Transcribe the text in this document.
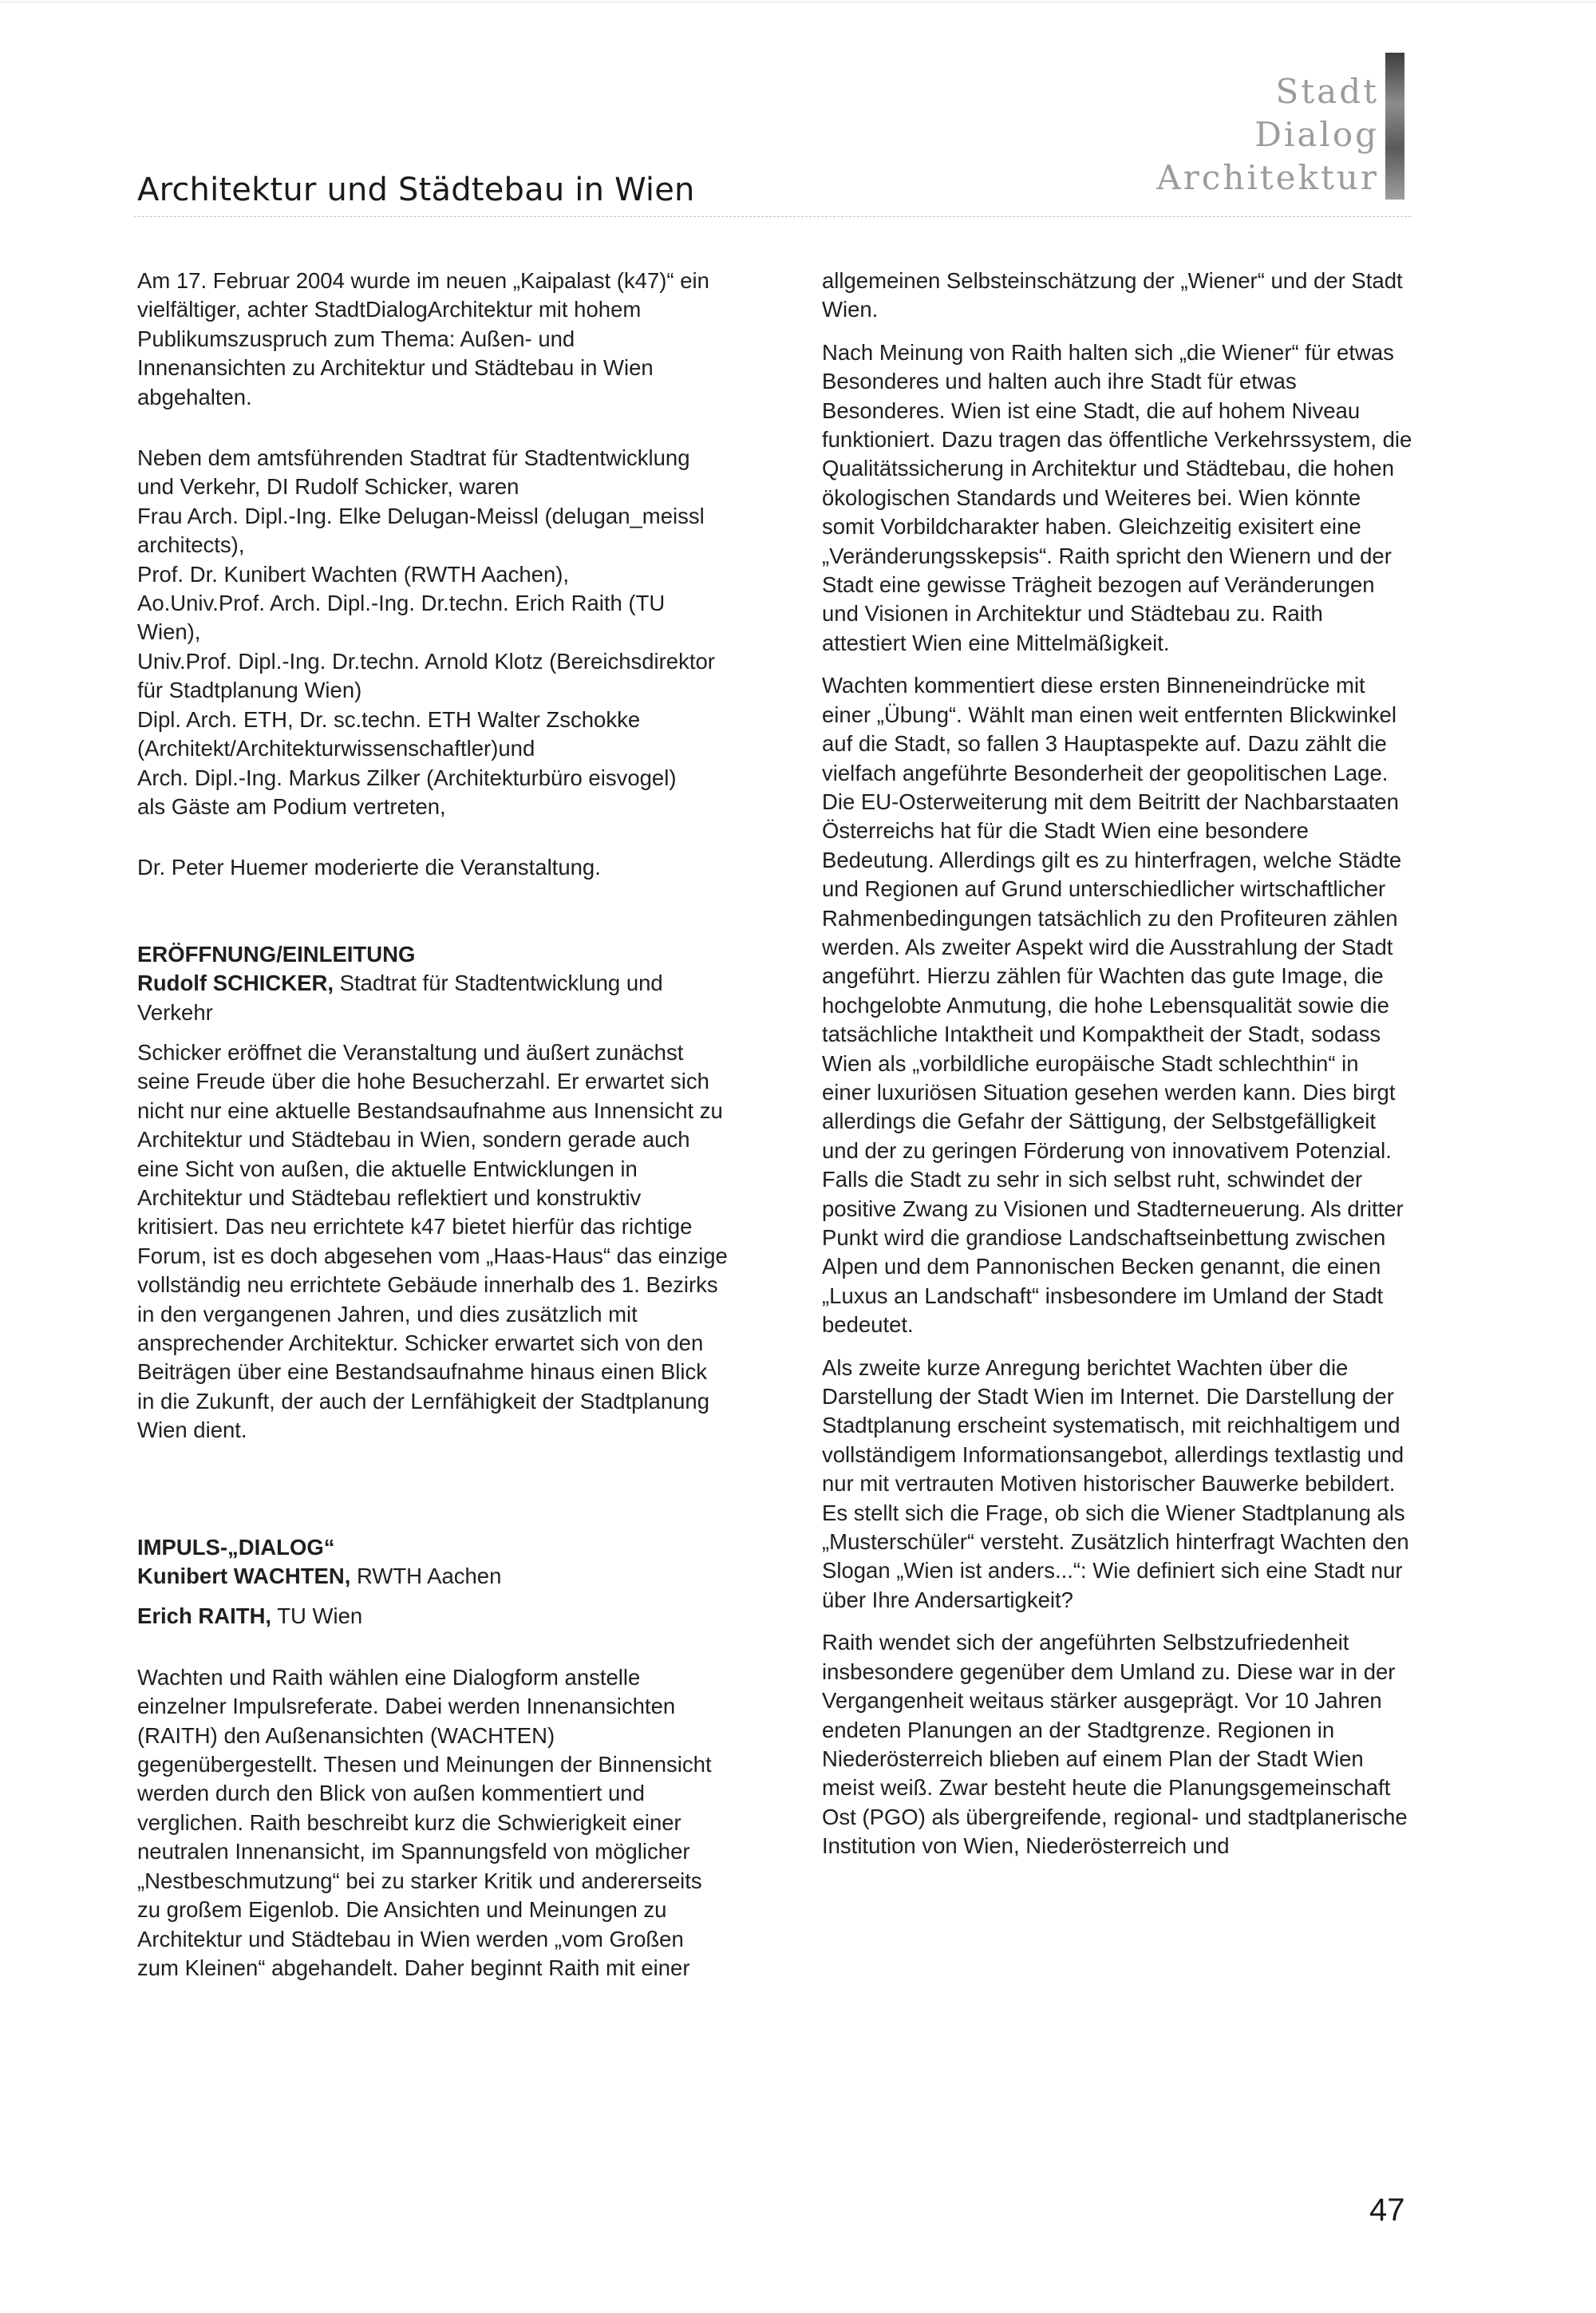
Architektur und Städtebau in Wien
Stadt
Dialog
Architektur

Am 17. Februar 2004 wurde im neuen „Kaipalast (k47)“ ein vielfältiger, achter StadtDialogArchitektur mit hohem Publikumszuspruch zum Thema: Außen- und Innenansichten zu Architektur und Städtebau in Wien abgehalten.

Neben dem amtsführenden Stadtrat für Stadtentwicklung und Verkehr, DI Rudolf Schicker, waren
Frau Arch. Dipl.-Ing. Elke Delugan-Meissl (delugan_meissl architects),
Prof. Dr. Kunibert Wachten (RWTH Aachen),
Ao.Univ.Prof. Arch. Dipl.-Ing. Dr.techn. Erich Raith (TU Wien),
Univ.Prof. Dipl.-Ing. Dr.techn. Arnold Klotz (Bereichsdirektor für Stadtplanung Wien)
Dipl. Arch. ETH, Dr. sc.techn. ETH Walter Zschokke (Architekt/Architekturwissenschaftler)und
Arch. Dipl.-Ing. Markus Zilker (Architekturbüro eisvogel)
als Gäste am Podium vertreten,

Dr. Peter Huemer moderierte die Veranstaltung.

ERÖFFNUNG/EINLEITUNG

Rudolf SCHICKER, Stadtrat für Stadtentwicklung und Verkehr

Schicker eröffnet die Veranstaltung und äußert zunächst seine Freude über die hohe Besucherzahl. Er erwartet sich nicht nur eine aktuelle Bestandsaufnahme aus Innensicht zu Architektur und Städtebau in Wien, sondern gerade auch eine Sicht von außen, die aktuelle Entwicklungen in Architektur und Städtebau reflektiert und konstruktiv kritisiert. Das neu errichtete k47 bietet hierfür das richtige Forum, ist es doch abgesehen vom „Haas-Haus“ das einzige vollständig neu errichtete Gebäude innerhalb des 1. Bezirks in den vergangenen Jahren, und dies zusätzlich mit ansprechender Architektur. Schicker erwartet sich von den Beiträgen über eine Bestandsaufnahme hinaus einen Blick in die Zukunft, der auch der Lernfähigkeit der Stadtplanung Wien dient.

IMPULS-„DIALOG“

Kunibert WACHTEN, RWTH Aachen

Erich RAITH, TU Wien

Wachten und Raith wählen eine Dialogform anstelle einzelner Impulsreferate. Dabei werden Innenansichten (RAITH) den Außenansichten (WACHTEN) gegenübergestellt. Thesen und Meinungen der Binnensicht werden durch den Blick von außen kommentiert und verglichen. Raith beschreibt kurz die Schwierigkeit einer neutralen Innenansicht, im Spannungsfeld von möglicher „Nestbeschmutzung“ bei zu starker Kritik und andererseits zu großem Eigenlob. Die Ansichten und Meinungen zu Architektur und Städtebau in Wien werden „vom Großen zum Kleinen“ abgehandelt. Daher beginnt Raith mit einer

allgemeinen Selbsteinschätzung der „Wiener“ und der Stadt Wien.

Nach Meinung von Raith halten sich „die Wiener“ für etwas Besonderes und halten auch ihre Stadt für etwas Besonderes. Wien ist eine Stadt, die auf hohem Niveau funktioniert. Dazu tragen das öffentliche Verkehrssystem, die Qualitätssicherung in Architektur und Städtebau, die hohen ökologischen Standards und Weiteres bei. Wien könnte somit Vorbildcharakter haben. Gleichzeitig exisitert eine „Veränderungsskepsis“. Raith spricht den Wienern und der Stadt eine gewisse Trägheit bezogen auf Veränderungen und Visionen in Architektur und Städtebau zu. Raith attestiert Wien eine Mittelmäßigkeit.

Wachten kommentiert diese ersten Binneneindrücke mit einer „Übung“. Wählt man einen weit entfernten Blickwinkel auf die Stadt, so fallen 3 Hauptaspekte auf. Dazu zählt die vielfach angeführte Besonderheit der geopolitischen Lage. Die EU-Osterweiterung mit dem Beitritt der Nachbarstaaten Österreichs hat für die Stadt Wien eine besondere Bedeutung. Allerdings gilt es zu hinterfragen, welche Städte und Regionen auf Grund unterschiedlicher wirtschaftlicher Rahmenbedingungen tatsächlich zu den Profiteuren zählen werden. Als zweiter Aspekt wird die Ausstrahlung der Stadt angeführt. Hierzu zählen für Wachten das gute Image, die hochgelobte Anmutung, die hohe Lebensqualität sowie die tatsächliche Intaktheit und Kompaktheit der Stadt, sodass Wien als „vorbildliche europäische Stadt schlechthin“ in einer luxuriösen Situation gesehen werden kann. Dies birgt allerdings die Gefahr der Sättigung, der Selbstgefälligkeit und der zu geringen Förderung von innovativem Potenzial. Falls die Stadt zu sehr in sich selbst ruht, schwindet der positive Zwang zu Visionen und Stadterneuerung. Als dritter Punkt wird die grandiose Landschaftseinbettung zwischen Alpen und dem Pannonischen Becken genannt, die einen „Luxus an Landschaft“ insbesondere im Umland der Stadt bedeutet.

Als zweite kurze Anregung berichtet Wachten über die Darstellung der Stadt Wien im Internet. Die Darstellung der Stadtplanung erscheint systematisch, mit reichhaltigem und vollständigem Informationsangebot, allerdings textlastig und nur mit vertrauten Motiven historischer Bauwerke bebildert. Es stellt sich die Frage, ob sich die Wiener Stadtplanung als „Musterschüler“ versteht. Zusätzlich hinterfragt Wachten den Slogan „Wien ist anders...“: Wie definiert sich eine Stadt nur über Ihre Andersartigkeit?

Raith wendet sich der angeführten Selbstzufriedenheit insbesondere gegenüber dem Umland zu. Diese war in der Vergangenheit weitaus stärker ausgeprägt. Vor 10 Jahren endeten Planungen an der Stadtgrenze. Regionen in Niederösterreich blieben auf einem Plan der Stadt Wien meist weiß. Zwar besteht heute die Planungsgemeinschaft Ost (PGO) als übergreifende, regional- und stadtplanerische Institution von Wien, Niederösterreich und

47
